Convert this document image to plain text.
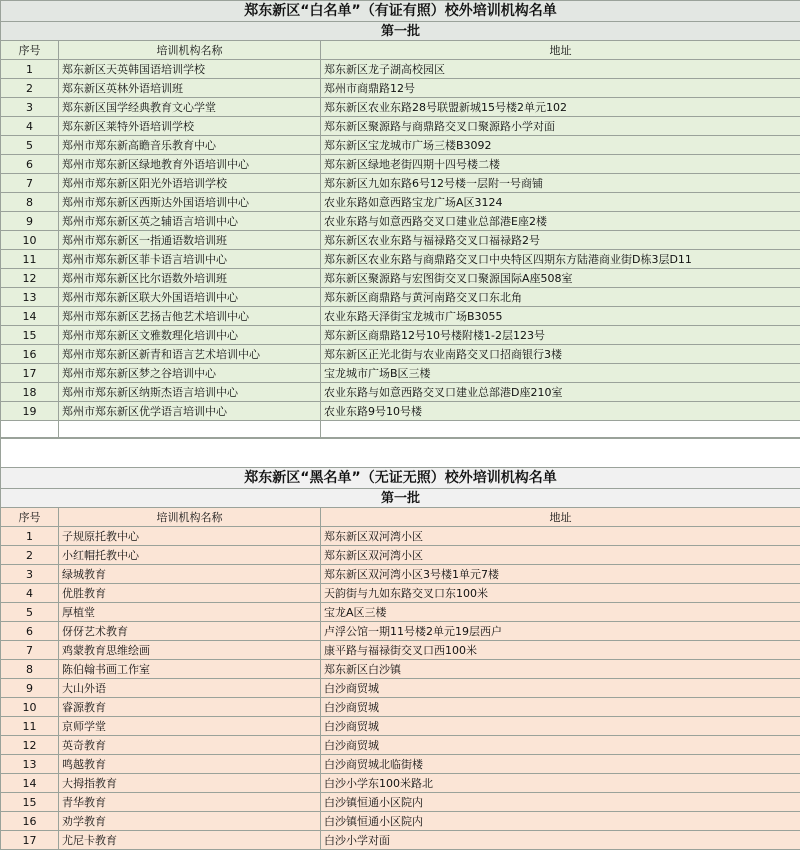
郑东新区“白名单”（有证有照）校外培训机构名单		
第一批		
序号	培训机构名称	地址
1	郑东新区天英韩国语培训学校	郑东新区龙子湖高校园区
2	郑东新区英林外语培训班	郑州市商鼎路12号
3	郑东新区国学经典教育文心学堂	郑东新区农业东路28号联盟新城15号楼2单元102
4	郑东新区莱特外语培训学校	郑东新区聚源路与商鼎路交叉口聚源路小学对面
5	郑州市郑东新高瞻音乐教育中心	郑东新区宝龙城市广场三楼B3092
6	郑州市郑东新区绿地教育外语培训中心	郑东新区绿地老街四期十四号楼二楼
7	郑州市郑东新区阳光外语培训学校	郑东新区九如东路6号12号楼一层附一号商铺
8	郑州市郑东新区西斯达外国语培训中心	农业东路如意西路宝龙广场A区3124
9	郑州市郑东新区英之辅语言培训中心	农业东路与如意西路交叉口建业总部港E座2楼
10	郑州市郑东新区一指通语数培训班	郑东新区农业东路与福禄路交叉口福禄路2号
11	郑州市郑东新区菲卡语言培训中心	郑东新区农业东路与商鼎路交叉口中央特区四期东方陆港商业街D栋3层D11
12	郑州市郑东新区比尔语数外培训班	郑东新区聚源路与宏图街交叉口聚源国际A座508室
13	郑州市郑东新区联大外国语培训中心	郑东新区商鼎路与黄河南路交叉口东北角
14	郑州市郑东新区艺扬吉他艺术培训中心	农业东路天泽街宝龙城市广场B3055
15	郑州市郑东新区文雅数理化培训中心	郑东新区商鼎路12号10号楼附楼1-2层123号
16	郑州市郑东新区新青和语言艺术培训中心	郑东新区正光北街与农业南路交叉口招商银行3楼
17	郑州市郑东新区梦之谷培训中心	宝龙城市广场B区三楼
18	郑州市郑东新区纳斯杰语言培训中心	农业东路与如意西路交叉口建业总部港D座210室
19	郑州市郑东新区优学语言培训中心	农业东路9号10号楼

郑东新区“黑名单”（无证无照）校外培训机构名单		
第一批		
序号	培训机构名称	地址
1	子规原托教中心	郑东新区双河湾小区
2	小红帽托教中心	郑东新区双河湾小区
3	绿城教育	郑东新区双河湾小区3号楼1单元7楼
4	优胜教育	天韵街与九如东路交叉口东100米
5	厚植堂	宝龙A区三楼
6	伢伢艺术教育	卢浮公馆一期11号楼2单元19层西户
7	鸡蒙教育思维绘画	康平路与福禄街交叉口西100米
8	陈伯翰书画工作室	郑东新区白沙镇
9	大山外语	白沙商贸城
10	睿源教育	白沙商贸城
11	京师学堂	白沙商贸城
12	英奇教育	白沙商贸城
13	鸣越教育	白沙商贸城北临街楼
14	大拇指教育	白沙小学东100米路北
15	青华教育	白沙镇恒通小区院内
16	劝学教育	白沙镇恒通小区院内
17	尤尼卡教育	白沙小学对面
